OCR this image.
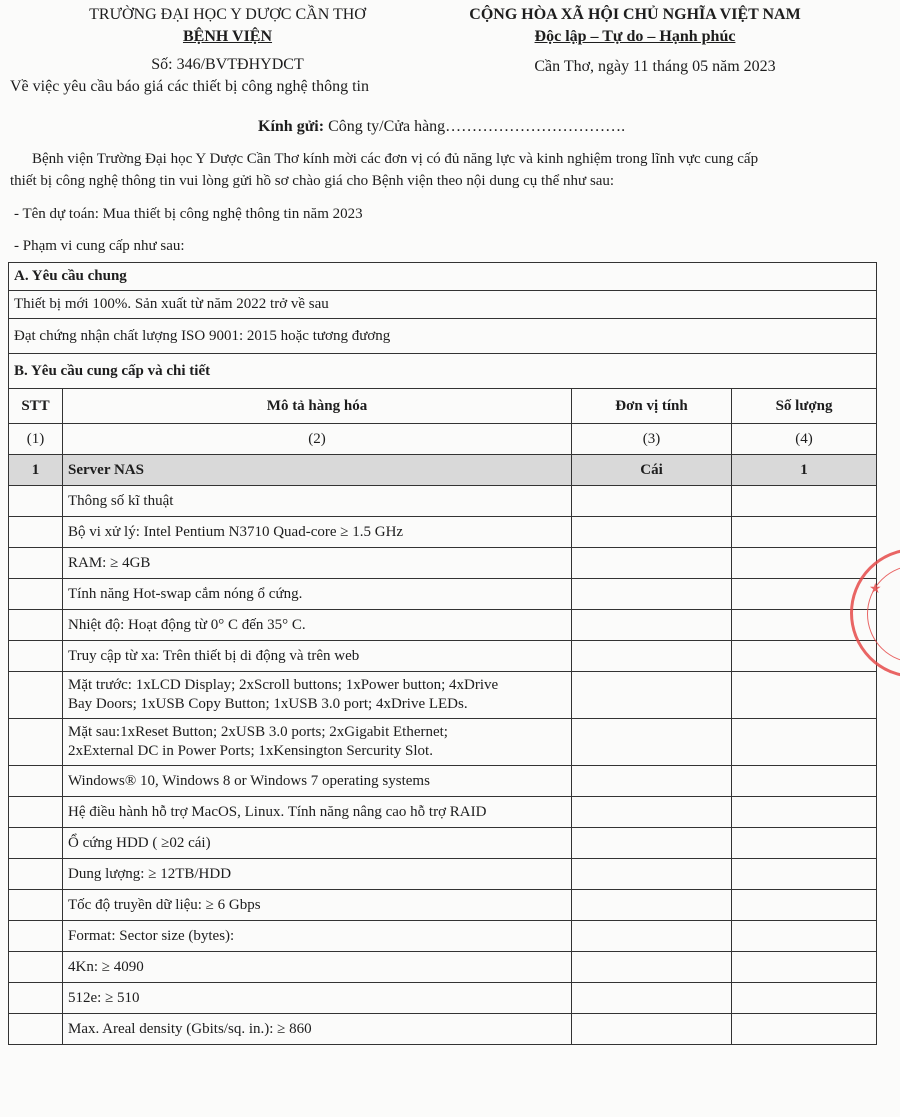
TRƯỜNG ĐẠI HỌC Y DƯỢC CẦN THƠ
BỆNH VIỆN
Số: 346/BVTĐHYDCT
Về việc yêu cầu báo giá các thiết bị công nghệ thông tin
CỘNG HÒA XÃ HỘI CHỦ NGHĨA VIỆT NAM
Độc lập – Tự do – Hạnh phúc
Cần Thơ, ngày 11 tháng 05 năm 2023
Kính gửi: Công ty/Cửa hàng…………………………….
Bệnh viện Trường Đại học Y Dược Cần Thơ kính mời các đơn vị có đủ năng lực và kinh nghiệm trong lĩnh vực cung cấp
thiết bị công nghệ thông tin vui lòng gửi hồ sơ chào giá cho Bệnh viện theo nội dung cụ thể như sau:
- Tên dự toán: Mua thiết bị công nghệ thông tin năm 2023
- Phạm vi cung cấp như sau:
A. Yêu cầu chung			
Thiết bị mới 100%. Sản xuất từ năm 2022 trở về sau			
Đạt chứng nhận chất lượng ISO 9001: 2015 hoặc tương đương			
B. Yêu cầu cung cấp và chi tiết			
STT	Mô tả hàng hóa	Đơn vị tính	Số lượng
(1)	(2)	(3)	(4)
1	Server NAS	Cái	1
	Thông số kĩ thuật		
	Bộ vi xử lý: Intel Pentium N3710 Quad-core ≥ 1.5 GHz		
	RAM: ≥ 4GB		
	Tính năng Hot-swap cắm nóng ổ cứng.		
	Nhiệt độ: Hoạt động từ 0° C đến 35° C.		
	Truy cập từ xa: Trên thiết bị di động và trên web		

	Mặt trước: 1xLCD Display; 2xScroll buttons; 1xPower button; 4xDrive
Bay Doors; 1xUSB Copy Button; 1xUSB 3.0 port; 4xDrive LEDs.		

	Mặt sau:1xReset Button; 2xUSB 3.0 ports; 2xGigabit Ethernet;
2xExternal DC in Power Ports; 1xKensington Sercurity Slot.		

	Windows® 10, Windows 8 or Windows 7 operating systems		
	Hệ điều hành hỗ trợ MacOS, Linux. Tính năng nâng cao hỗ trợ RAID		
	Ổ cứng HDD ( ≥02 cái)		
	Dung lượng: ≥ 12TB/HDD		
	Tốc độ truyền dữ liệu: ≥ 6 Gbps		
	Format: Sector size (bytes):		
	4Kn: ≥ 4090		
	512e: ≥ 510		
	Max. Areal density (Gbits/sq. in.): ≥ 860		
★
